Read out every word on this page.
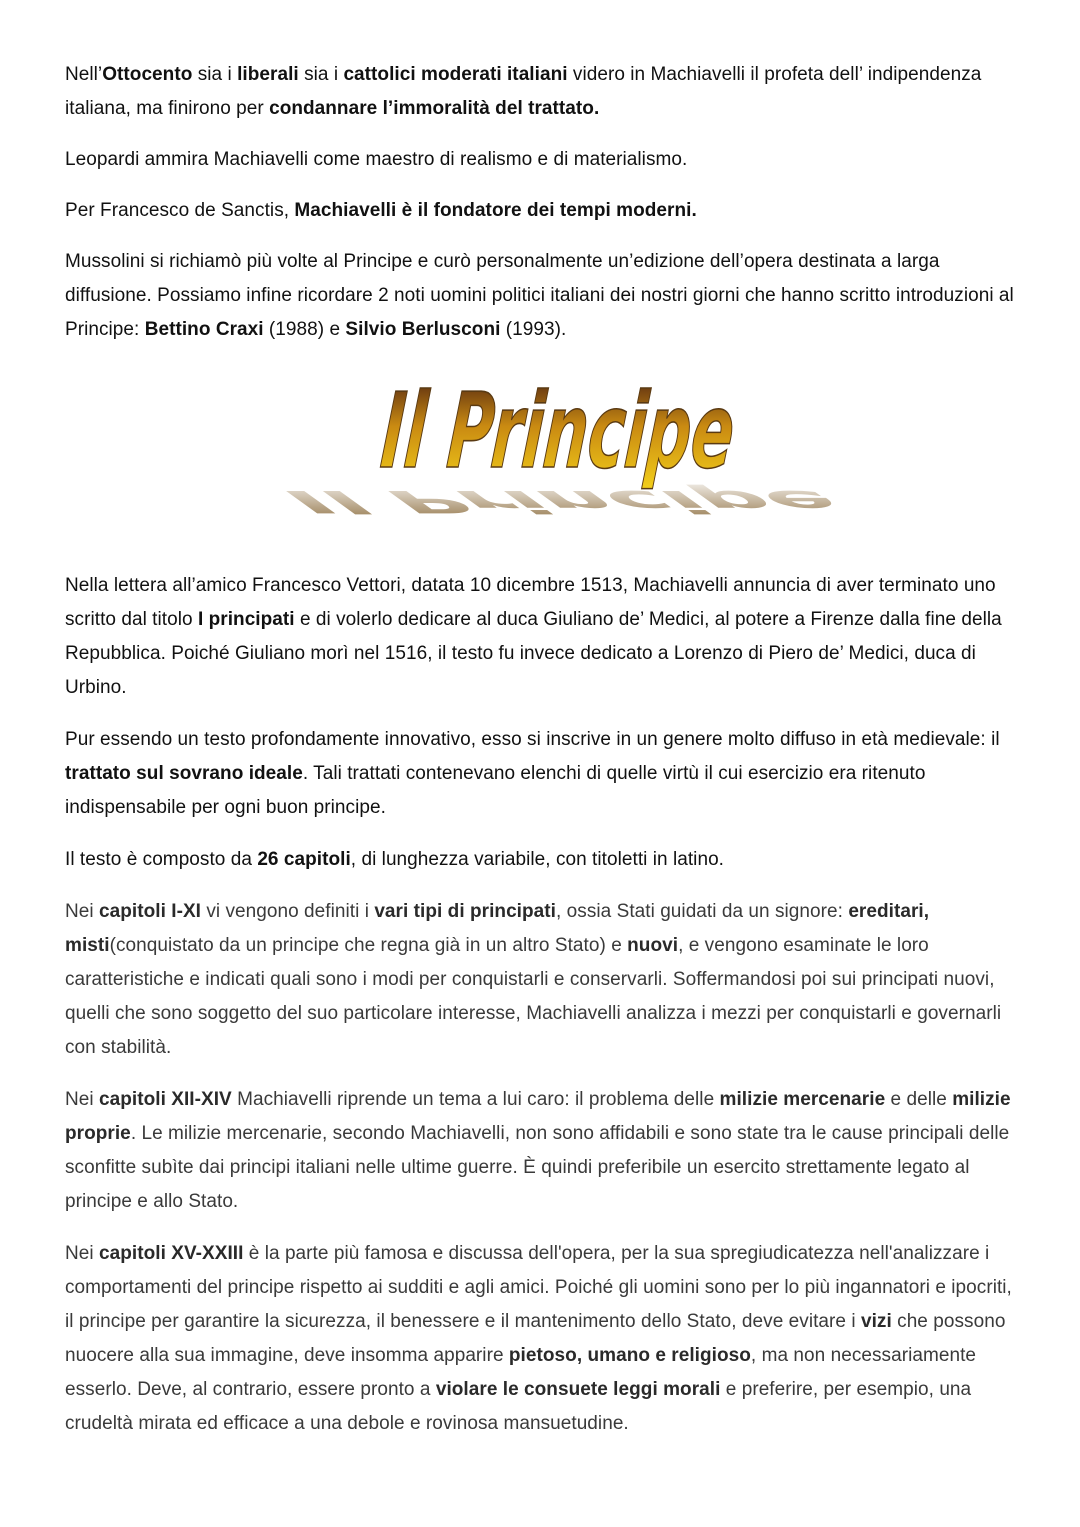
Nell’Ottocento sia i liberali sia i cattolici moderati italiani videro in Machiavelli il profeta dell’ indipendenza italiana, ma finirono per condannare l’immoralità del trattato.

Leopardi ammira Machiavelli come maestro di realismo e di materialismo.

Per Francesco de Sanctis, Machiavelli è il fondatore dei tempi moderni.

Mussolini si richiamò più volte al Principe e curò personalmente un’edizione dell’opera destinata a larga diffusione. Possiamo infine ricordare 2 noti uomini politici italiani dei nostri giorni che hanno scritto introduzioni al Principe: Bettino Craxi (1988) e Silvio Berlusconi (1993).

Il Principe
Il Principe

Nella lettera all’amico Francesco Vettori, datata 10 dicembre 1513, Machiavelli annuncia di aver terminato uno scritto dal titolo I principati e di volerlo dedicare al duca Giuliano de’ Medici, al potere a Firenze dalla fine della Repubblica. Poiché Giuliano morì nel 1516, il testo fu invece dedicato a Lorenzo di Piero de’ Medici, duca di Urbino.

Pur essendo un testo profondamente innovativo, esso si inscrive in un genere molto diffuso in età medievale: il trattato sul sovrano ideale. Tali trattati contenevano elenchi di quelle virtù il cui esercizio era ritenuto indispensabile per ogni buon principe.

Il testo è composto da 26 capitoli, di lunghezza variabile, con titoletti in latino.

Nei capitoli I-XI vi vengono definiti i vari tipi di principati, ossia Stati guidati da un signore: ereditari, misti(conquistato da un principe che regna già in un altro Stato) e nuovi, e vengono esaminate le loro caratteristiche e indicati quali sono i modi per conquistarli e conservarli. Soffermandosi poi sui principati nuovi, quelli che sono soggetto del suo particolare interesse, Machiavelli analizza i mezzi per conquistarli e governarli con stabilità.

Nei capitoli XII-XIV Machiavelli riprende un tema a lui caro: il problema delle milizie mercenarie e delle milizie proprie. Le milizie mercenarie, secondo Machiavelli, non sono affidabili e sono state tra le cause principali delle sconfitte subìte dai principi italiani nelle ultime guerre. È quindi preferibile un esercito strettamente legato al principe e allo Stato.

Nei capitoli XV-XXIII è la parte più famosa e discussa dell'opera, per la sua spregiudicatezza nell'analizzare i comportamenti del principe rispetto ai sudditi e agli amici. Poiché gli uomini sono per lo più ingannatori e ipocriti, il principe per garantire la sicurezza, il benessere e il mantenimento dello Stato, deve evitare i vizi che possono nuocere alla sua immagine, deve insomma apparire pietoso, umano e religioso, ma non necessariamente esserlo. Deve, al contrario, essere pronto a violare le consuete leggi morali e preferire, per esempio, una crudeltà mirata ed efficace a una debole e rovinosa mansuetudine.
